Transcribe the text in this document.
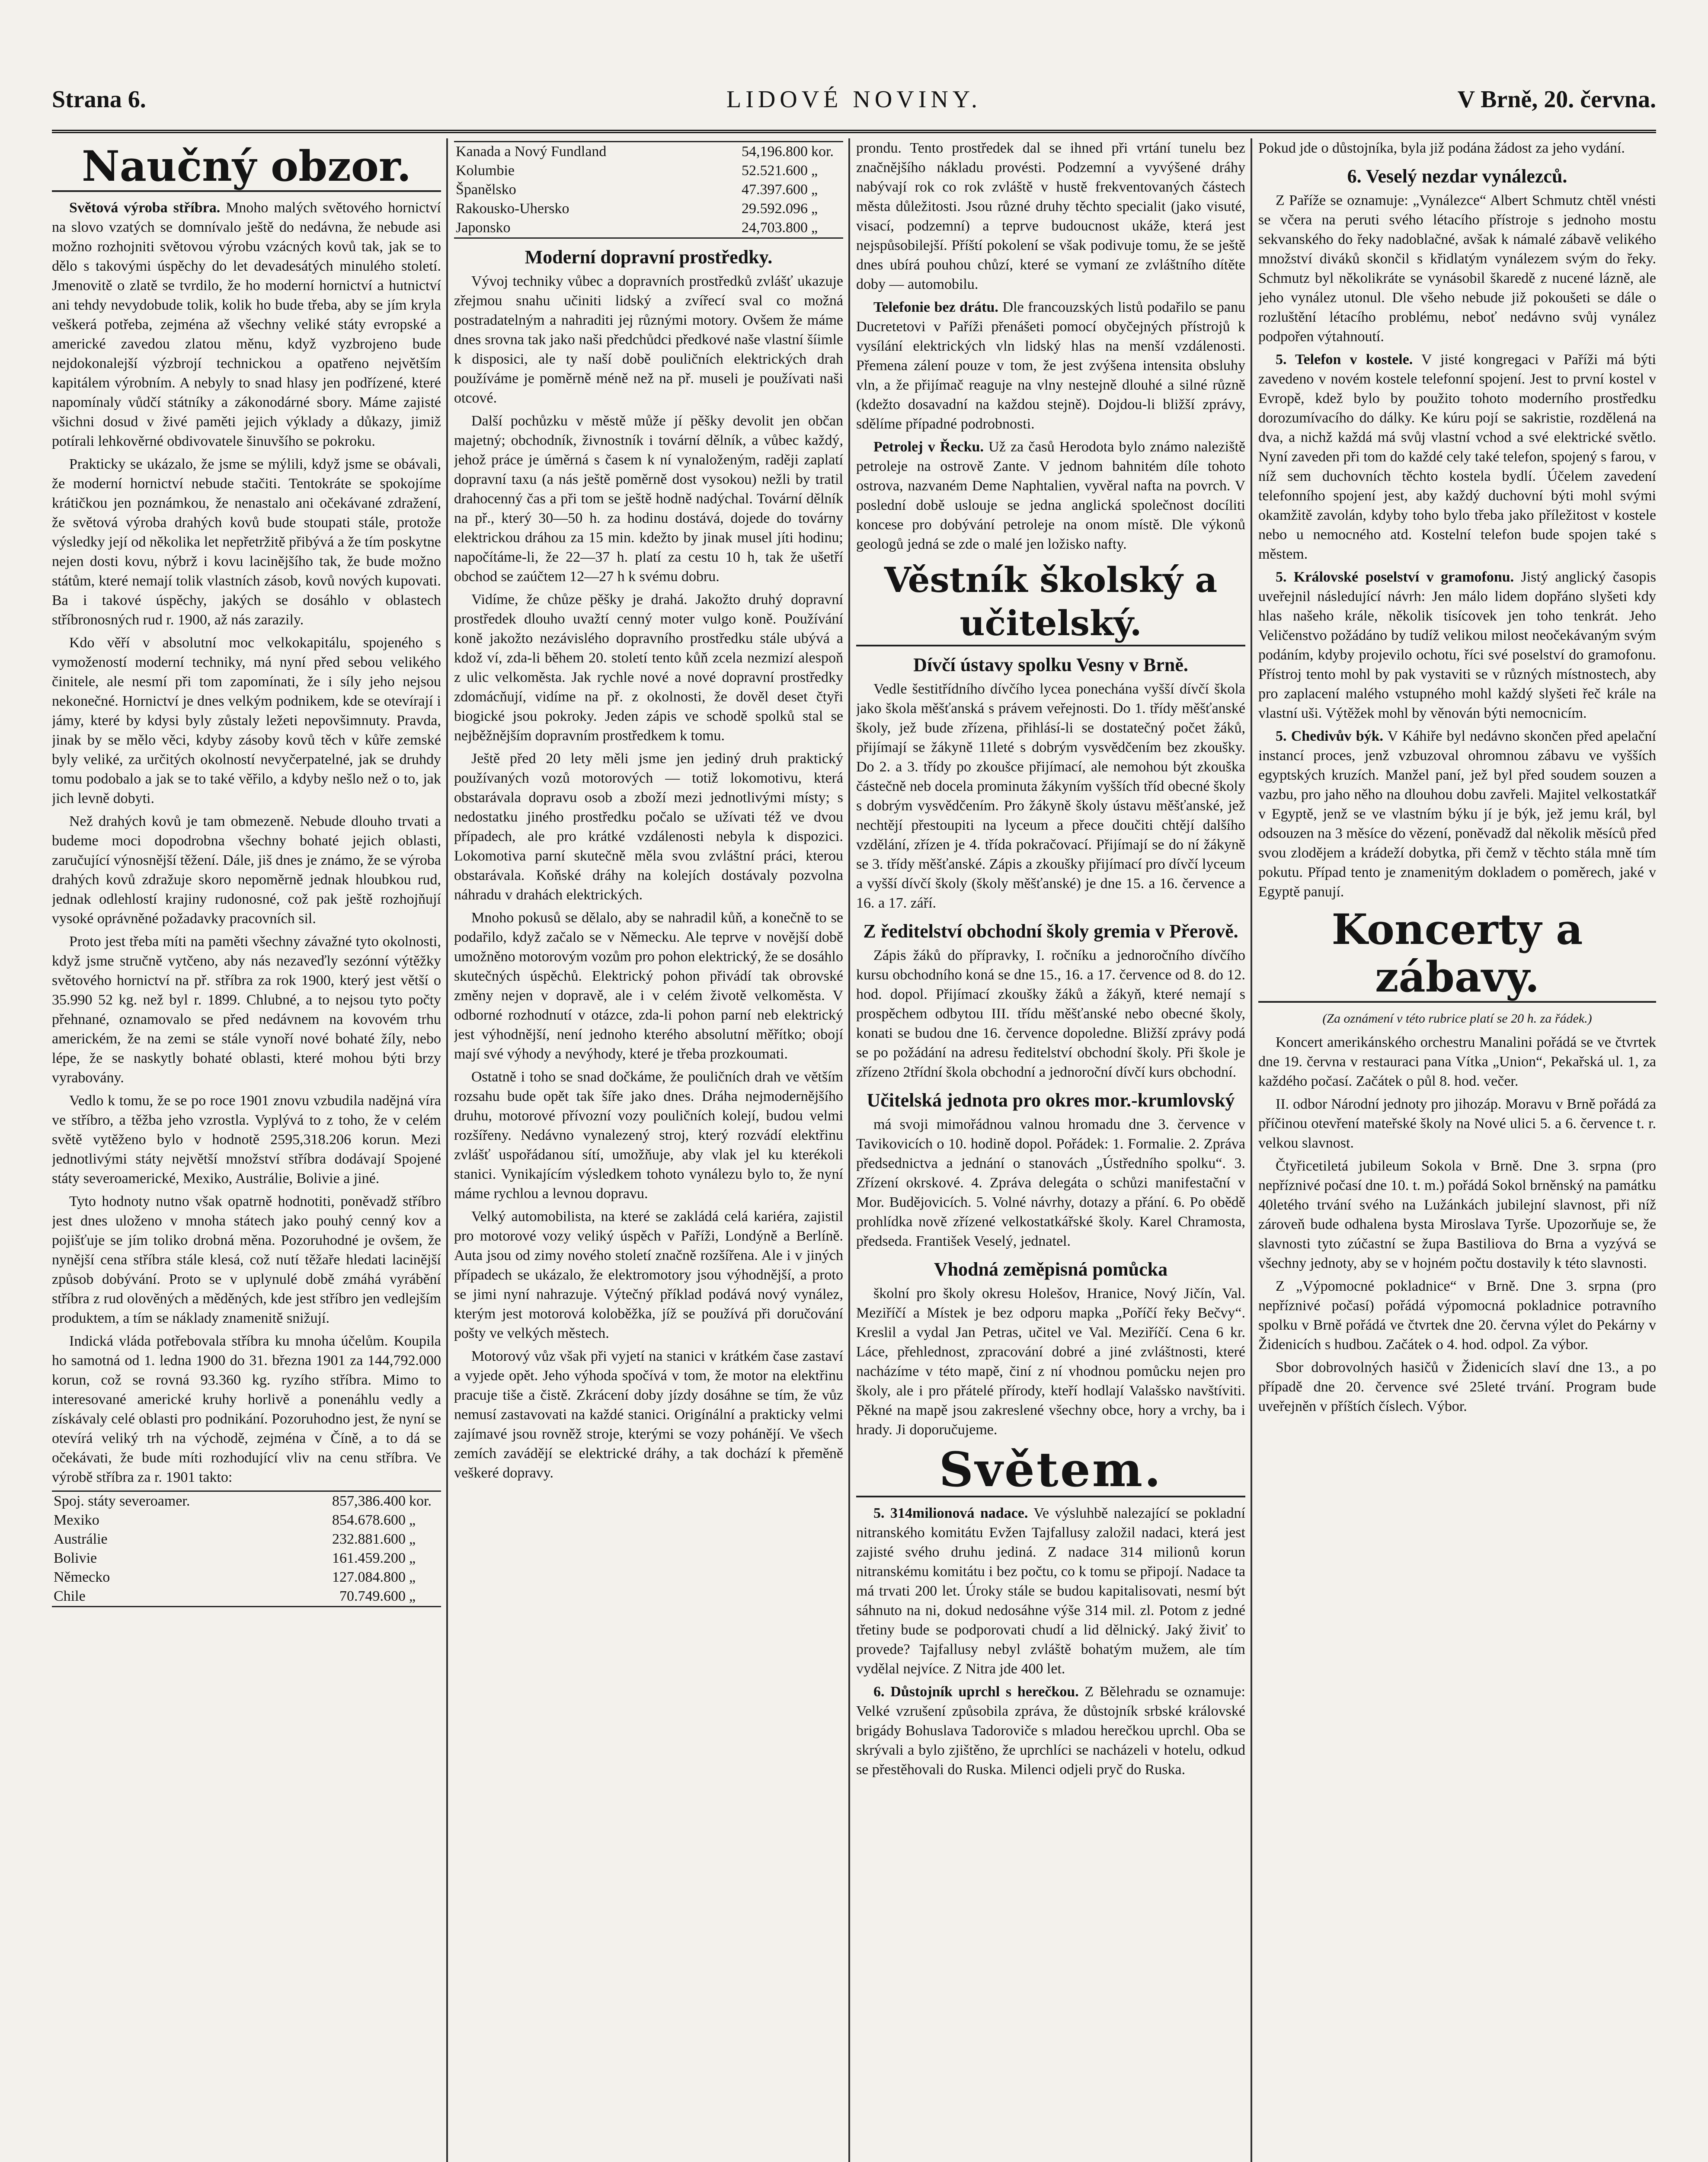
Strana 6.	LIDOVÉ NOVINY.	V Brně, 20. června.
Naučný obzor.

Světová výroba stříbra. Mnoho malých světového hornictví na slovo vzatých se domnívalo ještě do nedávna, že nebude asi možno rozhojniti světovou výrobu vzácných kovů tak, jak se to dělo s takovými úspěchy do let devadesátých minulého století. Jmenovitě o zlatě se tvrdilo, že ho moderní hornictví a hutnictví ani tehdy nevydobude tolik, kolik ho bude třeba, aby se jím kryla veškerá potřeba, zejména až všechny veliké státy evropské a americké zavedou zlatou měnu, když vyzbrojeno bude nejdokonalejší výzbrojí technickou a opatřeno největším kapitálem výrobním. A nebyly to snad hlasy jen podřízené, které napomínaly vůdčí státníky a zákonodárné sbory. Máme zajisté všichni dosud v živé paměti jejich výklady a důkazy, jimiž potírali lehkověrné obdivovatele šinuvšího se pokroku.

Prakticky se ukázalo, že jsme se mýlili, když jsme se obávali, že moderní hornictví nebude stačiti. Tentokráte se spokojíme krátičkou jen poznámkou, že nenastalo ani očekávané zdražení, že světová výroba drahých kovů bude stoupati stále, protože výsledky její od několika let nepřetržitě přibývá a že tím poskytne nejen dosti kovu, nýbrž i kovu lacinějšího tak, že bude možno státům, které nemají tolik vlastních zásob, kovů nových kupovati. Ba i takové úspěchy, jakých se dosáhlo v oblastech stříbronosných rud r. 1900, až nás zarazily.

Kdo věří v absolutní moc velkokapitálu, spojeného s vymožeností moderní techniky, má nyní před sebou velikého činitele, ale nesmí při tom zapomínati, že i síly jeho nejsou nekonečné. Hornictví je dnes velkým podnikem, kde se otevírají i jámy, které by kdysi byly zůstaly ležeti nepovšimnuty. Pravda, jinak by se mělo věci, kdyby zásoby kovů těch v kůře zemské byly veliké, za určitých okolností nevyčerpatelné, jak se druhdy tomu podobalo a jak se to také věřilo, a kdyby nešlo než o to, jak jich levně dobyti.

Než drahých kovů je tam obmezeně. Nebude dlouho trvati a budeme moci dopodrobna všechny bohaté jejich oblasti, zaručující výnosnější těžení. Dále, jiš dnes je známo, že se výroba drahých kovů zdražuje skoro nepoměrně jednak hloubkou rud, jednak odlehlostí krajiny rudonosné, což pak ještě rozhojňují vysoké oprávněné požadavky pracovních sil.

Proto jest třeba míti na paměti všechny závažné tyto okolnosti, když jsme stručně vytčeno, aby nás nezaveďly sezónní výtěžky světového hornictví na př. stříbra za rok 1900, který jest větší o 35.990 52 kg. než byl r. 1899. Chlubné, a to nejsou tyto počty přehnané, oznamovalo se před nedávnem na kovovém trhu americkém, že na zemi se stále vynoří nové bohaté žíly, nebo lépe, že se naskytly bohaté oblasti, které mohou býti brzy vyrabovány.

Vedlo k tomu, že se po roce 1901 znovu vzbudila nadějná víra ve stříbro, a těžba jeho vzrostla. Vyplývá to z toho, že v celém světě vytěženo bylo v hodnotě 2595,318.206 korun. Mezi jednotlivými státy největší množství stříbra dodávají Spojené státy severoamerické, Mexiko, Austrálie, Bolivie a jiné.

Tyto hodnoty nutno však opatrně hodnotiti, poněvadž stříbro jest dnes uloženo v mnoha státech jako pouhý cenný kov a pojišťuje se jím toliko drobná měna. Pozoruhodné je ovšem, že nynější cena stříbra stále klesá, což nutí těžaře hledati lacinější způsob dobývání. Proto se v uplynulé době zmáhá vyrábění stříbra z rud olověných a měděných, kde jest stříbro jen vedlejším produktem, a tím se náklady znamenitě snižují.

Indická vláda potřebovala stříbra ku mnoha účelům. Koupila ho samotná od 1. ledna 1900 do 31. března 1901 za 144,792.000 korun, což se rovná 93.360 kg. ryzího stříbra. Mimo to interesované americké kruhy horlivě a ponenáhlu vedly a získávaly celé oblasti pro podnikání. Pozoruhodno jest, že nyní se otevírá veliký trh na východě, zejména v Číně, a to dá se očekávati, že bude míti rozhodující vliv na cenu stříbra. Ve výrobě stříbra za r. 1901 takto:

Spoj. státy severoamer.	857,386.400	kor.
Mexiko	854.678.600	„
Austrálie	232.881.600	„
Bolivie	161.459.200	„
Německo	127.084.800	„
Chile	70.749.600	„
Kanada a Nový Fundland	54,196.800	kor.
Kolumbie	52.521.600	„
Španělsko	47.397.600	„
Rakousko-Uhersko	29.592.096	„
Japonsko	24,703.800	„
Moderní dopravní prostředky.

Vývoj techniky vůbec a dopravních prostředků zvlášť ukazuje zřejmou snahu učiniti lidský a zvířecí sval co možná postradatelným a nahraditi jej různými motory. Ovšem že máme dnes srovna tak jako naši předchůdci předkové naše vlastní šíimle k disposici, ale ty naší době pouličních elektrických drah používáme je poměrně méně než na př. museli je používati naši otcové.

Další pochůzku v městě může jí pěšky devolit jen občan majetný; obchodník, živnostník i tovární dělník, a vůbec každý, jehož práce je úměrná s časem k ní vynaloženým, raději zaplatí dopravní taxu (a nás ještě poměrně dost vysokou) nežli by tratil drahocenný čas a při tom se ještě hodně nadýchal. Tovární dělník na př., který 30—50 h. za hodinu dostává, dojede do továrny elektrickou dráhou za 15 min. kdežto by jinak musel jíti hodinu; napočítáme-li, že 22—37 h. platí za cestu 10 h, tak že ušetří obchod se zaúčtem 12—27 h k svému dobru.

Vidíme, že chůze pěšky je drahá. Jakožto druhý dopravní prostředek dlouho uvažtí cenný moter vulgo koně. Používání koně jakožto nezávislého dopravního prostředku stále ubývá a kdož ví, zda-li během 20. století tento kůň zcela nezmizí alespoň z ulic velkoměsta. Jak rychle nové a nové dopravní prostředky zdomácňují, vidíme na př. z okolnosti, že dověl deset čtyři biogické jsou pokroky. Jeden zápis ve schodě spolků stal se nejběžnějším dopravním prostředkem k tomu.

Ještě před 20 lety měli jsme jen jediný druh praktický používaných vozů motorových — totiž lokomotivu, která obstarávala dopravu osob a zboží mezi jednotlivými místy; s nedostatku jiného prostředku počalo se užívati též ve dvou případech, ale pro krátké vzdálenosti nebyla k dispozici. Lokomotiva parní skutečně měla svou zvláštní práci, kterou obstarávala. Koňské dráhy na kolejích dostávaly pozvolna náhradu v drahách elektrických.

Mnoho pokusů se dělalo, aby se nahradil kůň, a konečně to se podařilo, když začalo se v Německu. Ale teprve v novější době umožněno motorovým vozům pro pohon elektrický, že se dosáhlo skutečných úspěchů. Elektrický pohon přivádí tak obrovské změny nejen v dopravě, ale i v celém životě velkoměsta. V odborné rozhodnutí v otázce, zda-li pohon parní neb elektrický jest výhodnější, není jednoho kterého absolutní měřítko; obojí mají své výhody a nevýhody, které je třeba prozkoumati.

Ostatně i toho se snad dočkáme, že pouličních drah ve větším rozsahu bude opět tak šíře jako dnes. Dráha nejmodernějšího druhu, motorové přívozní vozy pouličních kolejí, budou velmi rozšířeny. Nedávno vynalezený stroj, který rozvádí elektřinu zvlášť uspořádanou sítí, umožňuje, aby vlak jel ku kterékoli stanici. Vynikajícím výsledkem tohoto vynálezu bylo to, že nyní máme rychlou a levnou dopravu.

Velký automobilista, na které se zakládá celá kariéra, zajistil pro motorové vozy veliký úspěch v Paříži, Londýně a Berlíně. Auta jsou od zimy nového století značně rozšířena. Ale i v jiných případech se ukázalo, že elektromotory jsou výhodnější, a proto se jimi nyní nahrazuje. Výtečný příklad podává nový vynález, kterým jest motorová koloběžka, jíž se používá při doručování pošty ve velkých městech.

Motorový vůz však při vyjetí na stanici v krátkém čase zastaví a vyjede opět. Jeho výhoda spočívá v tom, že motor na elektřinu pracuje tiše a čistě. Zkrácení doby jízdy dosáhne se tím, že vůz nemusí zastavovati na každé stanici. Origínální a prakticky velmi zajímavé jsou rovněž stroje, kterými se vozy pohánějí. Ve všech zemích zavádějí se elektrické dráhy, a tak dochází k přeměně veškeré dopravy.

prondu. Tento prostředek dal se ihned při vrtání tunelu bez značnějšího nákladu provésti. Podzemní a vyvýšené dráhy nabývají rok co rok zvláště v hustě frekventovaných částech města důležitosti. Jsou různé druhy těchto specialit (jako visuté, visací, podzemní) a teprve budoucnost ukáže, která jest nejspůsobilejší. Příští pokolení se však podivuje tomu, že se ještě dnes ubírá pouhou chůzí, které se vymaní ze zvláštního dítěte doby — automobilu.

Telefonie bez drátu. Dle francouzských listů podařilo se panu Ducretetovi v Paříži přenášeti pomocí obyčejných přístrojů k vysílání elektrických vln lidský hlas na menší vzdálenosti. Přemena zálení pouze v tom, že jest zvýšena intensita obsluhy vln, a že přijímač reaguje na vlny nestejně dlouhé a silné různě (kdežto dosavadní na každou stejně). Dojdou-li bližší zprávy, sdělíme případné podrobnosti.

Petrolej v Řecku. Už za časů Herodota bylo známo naleziště petroleje na ostrově Zante. V jednom bahnitém díle tohoto ostrova, nazvaném Deme Naphtalien, vyvěral nafta na povrch. V poslední době uslouje se jedna anglická společnost docíliti koncese pro dobývání petroleje na onom místě. Dle výkonů geologů jedná se zde o malé jen ložisko nafty.

Věstník školský a učitelský.
Dívčí ústavy spolku Vesny v Brně.

Vedle šestitřídního dívčího lycea ponechána vyšší dívčí škola jako škola měšťanská s právem veřejnosti. Do 1. třídy měšťanské školy, jež bude zřízena, přihlásí-li se dostatečný počet žáků, přijímají se žákyně 11leté s dobrým vysvědčením bez zkoušky. Do 2. a 3. třídy po zkoušce přijímací, ale nemohou být zkouška částečně neb docela prominuta žákyním vyšších tříd obecné školy s dobrým vysvědčením. Pro žákyně školy ústavu měšťanské, jež nechtějí přestoupiti na lyceum a přece doučiti chtějí dalšího vzdělání, zřízen je 4. třída pokračovací. Přijímají se do ní žákyně se 3. třídy měšťanské. Zápis a zkoušky přijímací pro dívčí lyceum a vyšší dívčí školy (školy měšťanské) je dne 15. a 16. července a 16. a 17. září.

Z ředitelství obchodní školy gremia v Přerově.

Zápis žáků do přípravky, I. ročníku a jednoročního dívčího kursu obchodního koná se dne 15., 16. a 17. července od 8. do 12. hod. dopol. Přijímací zkoušky žáků a žákyň, které nemají s prospěchem odbytou III. třídu měšťanské nebo obecné školy, konati se budou dne 16. července dopoledne. Bližší zprávy podá se po požádání na adresu ředitelství obchodní školy. Při škole je zřízeno 2třídní škola obchodní a jednoroční dívčí kurs obchodní.

Učitelská jednota pro okres mor.-krumlovský

má svoji mimořádnou valnou hromadu dne 3. července v Tavikovicích o 10. hodině dopol. Pořádek: 1. Formalie. 2. Zpráva předsednictva a jednání o stanovách „Ústředního spolku“. 3. Zřízení okrskové. 4. Zpráva delegáta o schůzi manifestační v Mor. Budějovicích. 5. Volné návrhy, dotazy a přání. 6. Po obědě prohlídka nově zřízené velkostatkářské školy. Karel Chramosta, předseda. František Veselý, jednatel.

Vhodná zeměpisná pomůcka

školní pro školy okresu Holešov, Hranice, Nový Jičín, Val. Meziříčí a Místek je bez odporu mapka „Poříčí řeky Bečvy“. Kreslil a vydal Jan Petras, učitel ve Val. Meziříčí. Cena 6 kr. Láce, přehlednost, zpracování dobré a jiné zvláštnosti, které nacházíme v této mapě, činí z ní vhodnou pomůcku nejen pro školy, ale i pro přátelé přírody, kteří hodlají Valašsko navštíviti. Pěkné na mapě jsou zakreslené všechny obce, hory a vrchy, ba i hrady. Ji doporučujeme.

Světem.

5. 314milionová nadace. Ve výsluhbě nalezající se pokladní nitranského komitátu Evžen Tajfallusy založil nadaci, která jest zajisté svého druhu jediná. Z nadace 314 milionů korun nitranskému komitátu i bez počtu, co k tomu se připojí. Nadace ta má trvati 200 let. Úroky stále se budou kapitalisovati, nesmí být sáhnuto na ni, dokud nedosáhne výše 314 mil. zl. Potom z jedné třetiny bude se podporovati chudí a lid dělnický. Jaký živiť to provede? Tajfallusy nebyl zvláště bohatým mužem, ale tím vydělal nejvíce. Z Nitra jde 400 let.

6. Důstojník uprchl s herečkou. Z Bělehradu se oznamuje: Velké vzrušení způsobila zpráva, že důstojník srbské královské brigády Bohuslava Tadoroviče s mladou herečkou uprchl. Oba se skrývali a bylo zjištěno, že uprchlíci se nacházeli v hotelu, odkud se přestěhovali do Ruska. Milenci odjeli pryč do Ruska.

Pokud jde o důstojníka, byla již podána žádost za jeho vydání.

6. Veselý nezdar vynálezců.

Z Paříže se oznamuje: „Vynálezce“ Albert Schmutz chtěl vnésti se včera na peruti svého létacího přístroje s jednoho mostu sekvanského do řeky nadoblačné, avšak k námalé zábavě velikého množství diváků skončil s křidlatým vynálezem svým do řeky. Schmutz byl několikráte se vynásobil škaredě z nucené lázně, ale jeho vynález utonul. Dle všeho nebude již pokoušeti se dále o rozluštění létacího problému, neboť nedávno svůj vynález podpořen výtahnoutí.

5. Telefon v kostele. V jisté kongregaci v Paříži má býti zavedeno v novém kostele telefonní spojení. Jest to první kostel v Evropě, kdež bylo by použito tohoto moderního prostředku dorozumívacího do dálky. Ke kúru pojí se sakristie, rozdělená na dva, a nichž každá má svůj vlastní vchod a své elektrické světlo. Nyní zaveden při tom do každé cely také telefon, spojený s farou, v níž sem duchovních těchto kostela bydlí. Účelem zavedení telefonního spojení jest, aby každý duchovní býti mohl svými okamžitě zavolán, kdyby toho bylo třeba jako příležitost v kostele nebo u nemocného atd. Kostelní telefon bude spojen také s městem.

5. Královské poselství v gramofonu. Jistý anglický časopis uveřejnil následující návrh: Jen málo lidem dopřáno slyšeti kdy hlas našeho krále, několik tisícovek jen toho tenkrát. Jeho Veličenstvo požádáno by tudíž velikou milost neočekávaným svým podáním, kdyby projevilo ochotu, říci své poselství do gramofonu. Přístroj tento mohl by pak vystaviti se v různých místnostech, aby pro zaplacení malého vstupného mohl každý slyšeti řeč krále na vlastní uši. Výtěžek mohl by věnován býti nemocnicím.

5. Chedivův býk. V Káhiře byl nedávno skončen před apelační instancí proces, jenž vzbuzoval ohromnou zábavu ve vyšších egyptských kruzích. Manžel paní, jež byl před soudem souzen a vazbu, pro jaho něho na dlouhou dobu zavřeli. Majitel velkostatkář v Egyptě, jenž se ve vlastním býku jí je býk, jež jemu král, byl odsouzen na 3 měsíce do vězení, poněvadž dal několik měsíců před svou zlodějem a krádeží dobytka, při čemž v těchto stála mně tím pokutu. Případ tento je znamenitým dokladem o poměrech, jaké v Egyptě panují.

Koncerty a zábavy.
(Za oznámení v této rubrice platí se 20 h. za řádek.)

Koncert amerikánského orchestru Manalini pořádá se ve čtvrtek dne 19. června v restauraci pana Vítka „Union“, Pekařská ul. 1, za každého počasí. Začátek o půl 8. hod. večer.

II. odbor Národní jednoty pro jihozáp. Moravu v Brně pořádá za příčinou otevření mateřské školy na Nové ulici 5. a 6. července t. r. velkou slavnost.

Čtyřicetiletá jubileum Sokola v Brně. Dne 3. srpna (pro nepříznivé počasí dne 10. t. m.) pořádá Sokol brněnský na památku 40letého trvání svého na Lužánkách jubilejní slavnost, při níž zároveň bude odhalena bysta Miroslava Tyrše. Upozorňuje se, že slavnosti tyto zúčastní se župa Bastiliova do Brna a vyzývá se všechny jednoty, aby se v hojném počtu dostavily k této slavnosti.

Z „Výpomocné pokladnice“ v Brně. Dne 3. srpna (pro nepříznivé počasí) pořádá výpomocná pokladnice potravního spolku v Brně pořádá ve čtvrtek dne 20. června výlet do Pekárny v Židenicích s hudbou. Začátek o 4. hod. odpol. Za výbor.

Sbor dobrovolných hasičů v Židenicích slaví dne 13., a po případě dne 20. července své 25leté trvání. Program bude uveřejněn v příštích číslech. Výbor.
